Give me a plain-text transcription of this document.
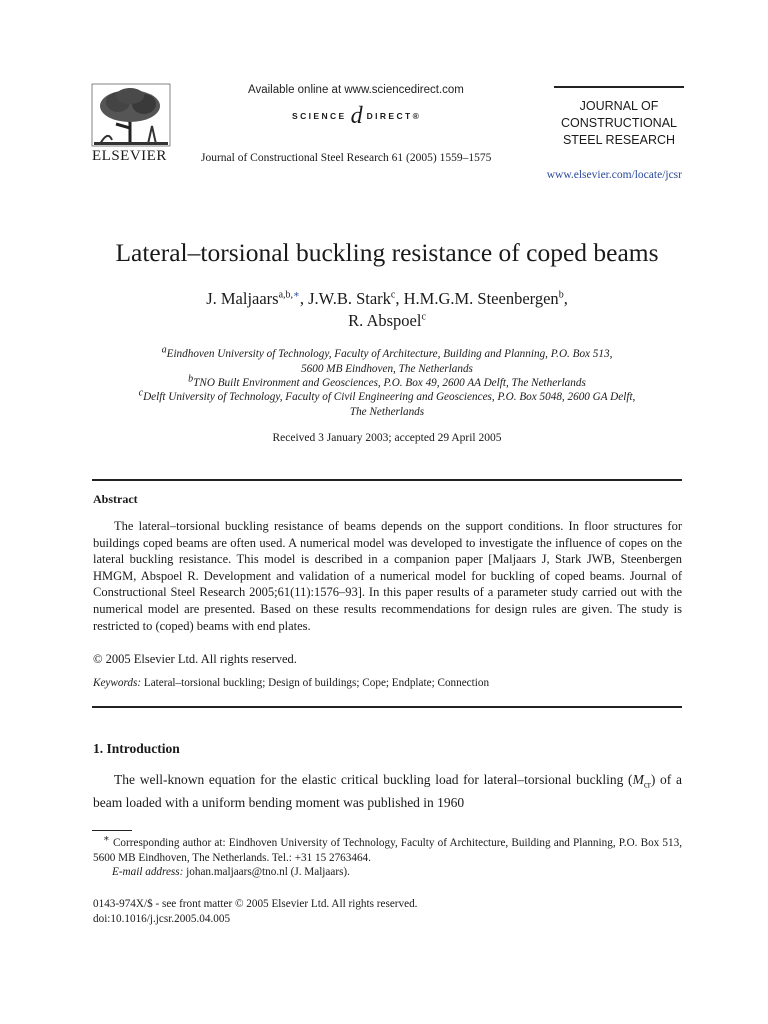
ELSEVIER
Available online at www.sciencedirect.com
SCIENCE d DIRECT®
Journal of Constructional Steel Research 61 (2005) 1559–1575
JOURNAL OF
CONSTRUCTIONAL
STEEL RESEARCH
www.elsevier.com/locate/jcsr
Lateral–torsional buckling resistance of coped beams
J. Maljaars$^{a,b,∗}$, J.W.B. Stark$^c$, H.M.G.M. Steenbergen$^b$,
R. Abspoel$^c$
$^a$Eindhoven University of Technology, Faculty of Architecture, Building and Planning, P.O. Box 513,
5600 MB Eindhoven, The Netherlands
$^b$TNO Built Environment and Geosciences, P.O. Box 49, 2600 AA Delft, The Netherlands
$^c$Delft University of Technology, Faculty of Civil Engineering and Geosciences, P.O. Box 5048, 2600 GA Delft,
The Netherlands
Received 3 January 2003; accepted 29 April 2005
Abstract

The lateral–torsional buckling resistance of beams depends on the support conditions. In floor structures for buildings coped beams are often used. A numerical model was developed to investigate the influence of copes on the lateral buckling resistance. This model is described in a companion paper [Maljaars J, Stark JWB, Steenbergen HMGM, Abspoel R. Development and validation of a numerical model for buckling of coped beams. Journal of Constructional Steel Research 2005;61(11):1576–93]. In this paper results of a parameter study carried out with the numerical model are presented. Based on these results recommendations for design rules are given. The study is restricted to (coped) beams with end plates.

© 2005 Elsevier Ltd. All rights reserved.
Keywords: Lateral–torsional buckling; Design of buildings; Cope; Endplate; Connection
1. Introduction

The well-known equation for the elastic critical buckling load for lateral–torsional buckling $(M_{cr})$ of a beam loaded with a uniform bending moment was published in 1960

∗ Corresponding author at: Eindhoven University of Technology, Faculty of Architecture, Building and Planning, P.O. Box 513, 5600 MB Eindhoven, The Netherlands. Tel.: +31 15 2763464.

E-mail address: johan.maljaars@tno.nl (J. Maljaars).

0143-974X/$ - see front matter © 2005 Elsevier Ltd. All rights reserved.
doi:10.1016/j.jcsr.2005.04.005
